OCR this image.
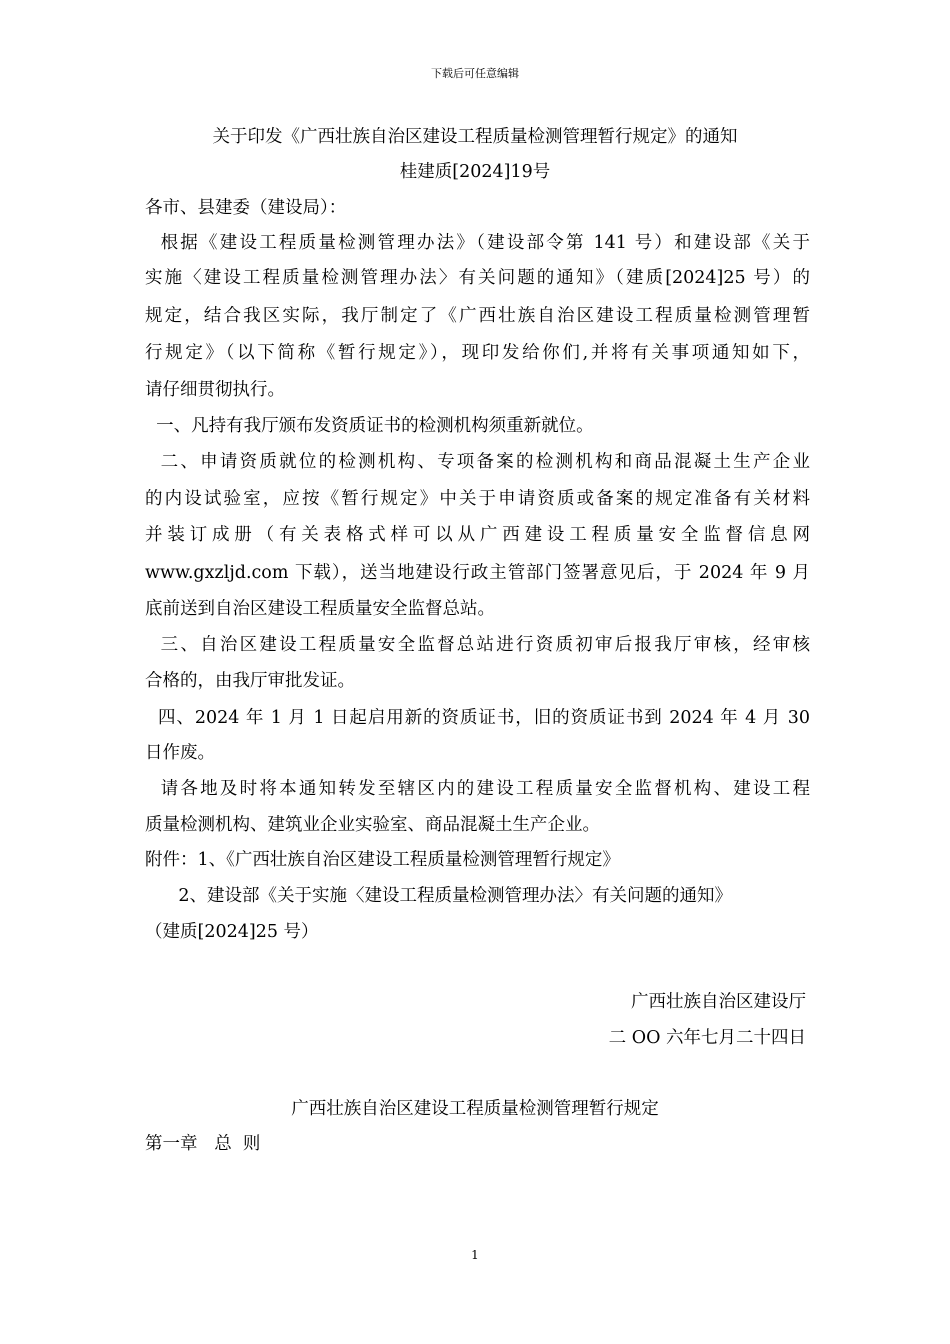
下载后可任意编辑
关于印发《广西壮族自治区建设工程质量检测管理暂行规定》的通知
桂建质[2024]19号
各市、县建委（建设局）：
根据《建设工程质量检测管理办法》（建设部令第 141 号）和建设部《关于
实施〈建设工程质量检测管理办法〉有关问题的通知》（建质[2024]25 号）的
规定，结合我区实际，我厅制定了《广西壮族自治区建设工程质量检测管理暂
行规定》（以下简称《暂行规定》），现印发给你们,并将有关事项通知如下，
请仔细贯彻执行。
一、凡持有我厅颁布发资质证书的检测机构须重新就位。
二、申请资质就位的检测机构、专项备案的检测机构和商品混凝土生产企业
的内设试验室，应按《暂行规定》中关于申请资质或备案的规定准备有关材料
并装订成册（有关表格式样可以从广西建设工程质量安全监督信息网
www.gxzljd.com 下载），送当地建设行政主管部门签署意见后，于 2024 年 9 月
底前送到自治区建设工程质量安全监督总站。
三、自治区建设工程质量安全监督总站进行资质初审后报我厅审核，经审核
合格的，由我厅审批发证。
四、2024 年 1 月 1 日起启用新的资质证书，旧的资质证书到 2024 年 4 月 30
日作废。
请各地及时将本通知转发至辖区内的建设工程质量安全监督机构、建设工程
质量检测机构、建筑业企业实验室、商品混凝土生产企业。
附件：1、《广西壮族自治区建设工程质量检测管理暂行规定》
2、建设部《关于实施〈建设工程质量检测管理办法〉有关问题的通知》
（建质[2024]25 号）
广西壮族自治区建设厅
二 OO 六年七月二十四日
广西壮族自治区建设工程质量检测管理暂行规定
第一章   总  则
1
